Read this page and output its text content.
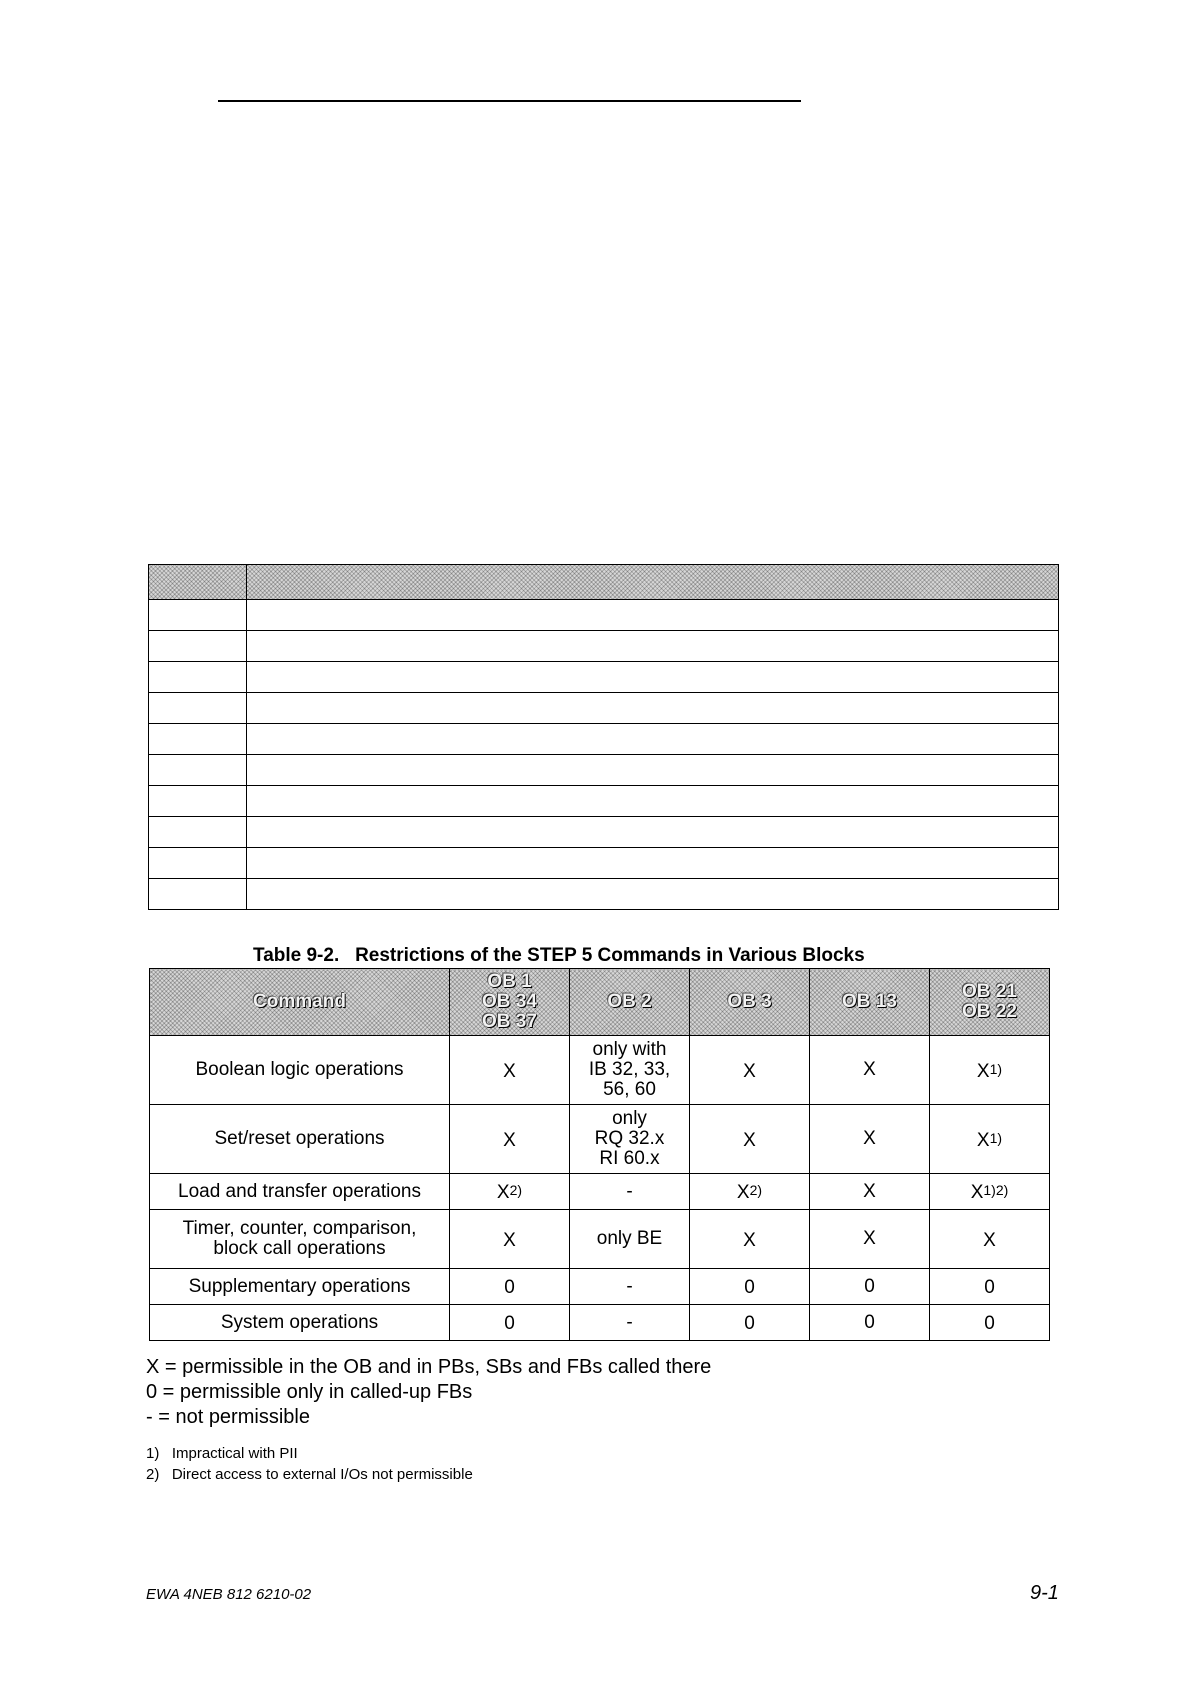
Table 9-2.   Restrictions of the STEP 5 Commands in Various Blocks
Command	OB 1
OB 34
OB 37	OB 2	OB 3	OB 13	OB 21
OB 22

Boolean logic operations	X	only with
IB 32, 33,
56, 60	X	X	$X^{1)}$
Set/reset operations	X	only
RQ 32.x
RI 60.x	X	X	$X^{1)}$
Load and transfer operations	$X^{2)}$	-	$X^{2)}$	X	$X^{1)2)}$

Timer, counter, comparison,
block call operations	X	only BE	X	X	X
Supplementary operations	0	-	0	0	0
System operations	0	-	0	0	0
X = permissible in the OB and in PBs, SBs and FBs called there
0 = permissible only in called-up FBs
- = not permissible
1)   Impractical with PII
2)   Direct access to external I/Os not permissible
EWA 4NEB 812 6210-02	9-1
